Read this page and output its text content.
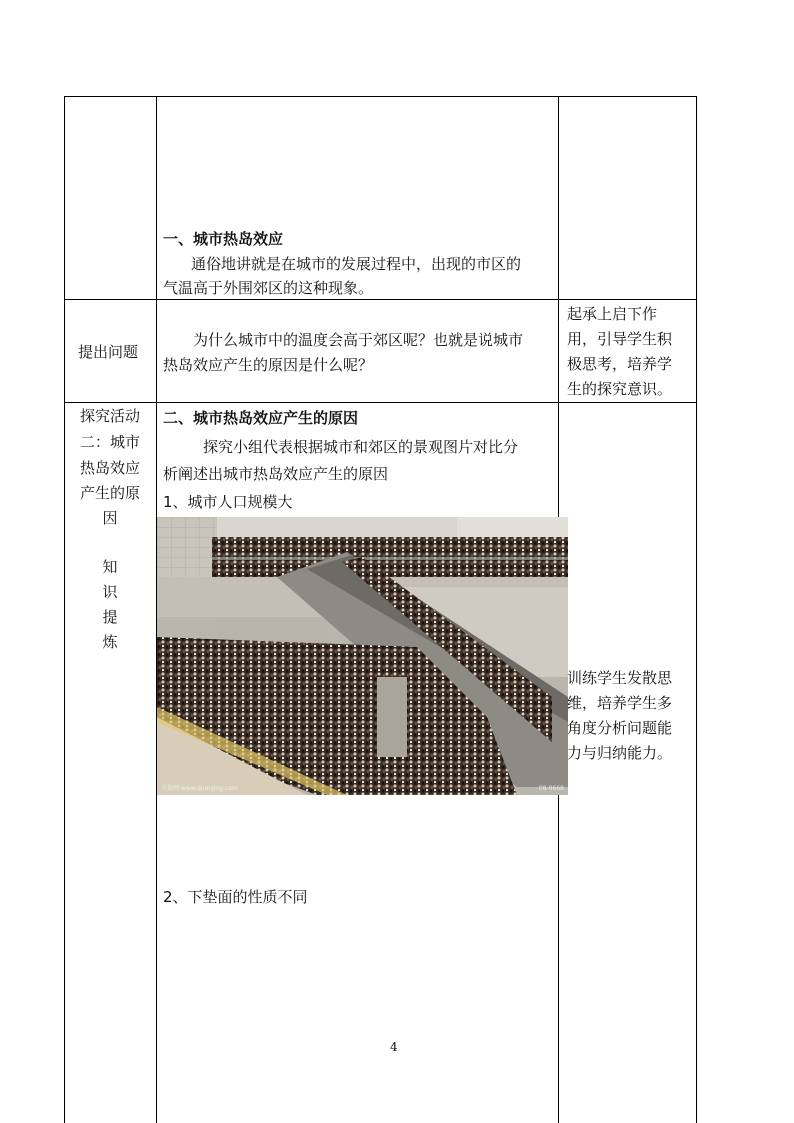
一、城市热岛效应
通俗地讲就是在城市的发展过程中，出现的市区的
气温高于外围郊区的这种现象。
提出问题
为什么城市中的温度会高于郊区呢？也就是说城市
热岛效应产生的原因是什么呢？
起承上启下作
用，引导学生积
极思考，培养学
生的探究意识。
探究活动
二：城市
热岛效应
产生的原
因
知
识
提
炼
二、城市热岛效应产生的原因
探究小组代表根据城市和郊区的景观图片对比分
析阐述出城市热岛效应产生的原因
1、城市人口规模大
2、下垫面的性质不同
全景网 www.quanjing.com	08-9668
训练学生发散思
维，培养学生多
角度分析问题能
力与归纳能力。
4
